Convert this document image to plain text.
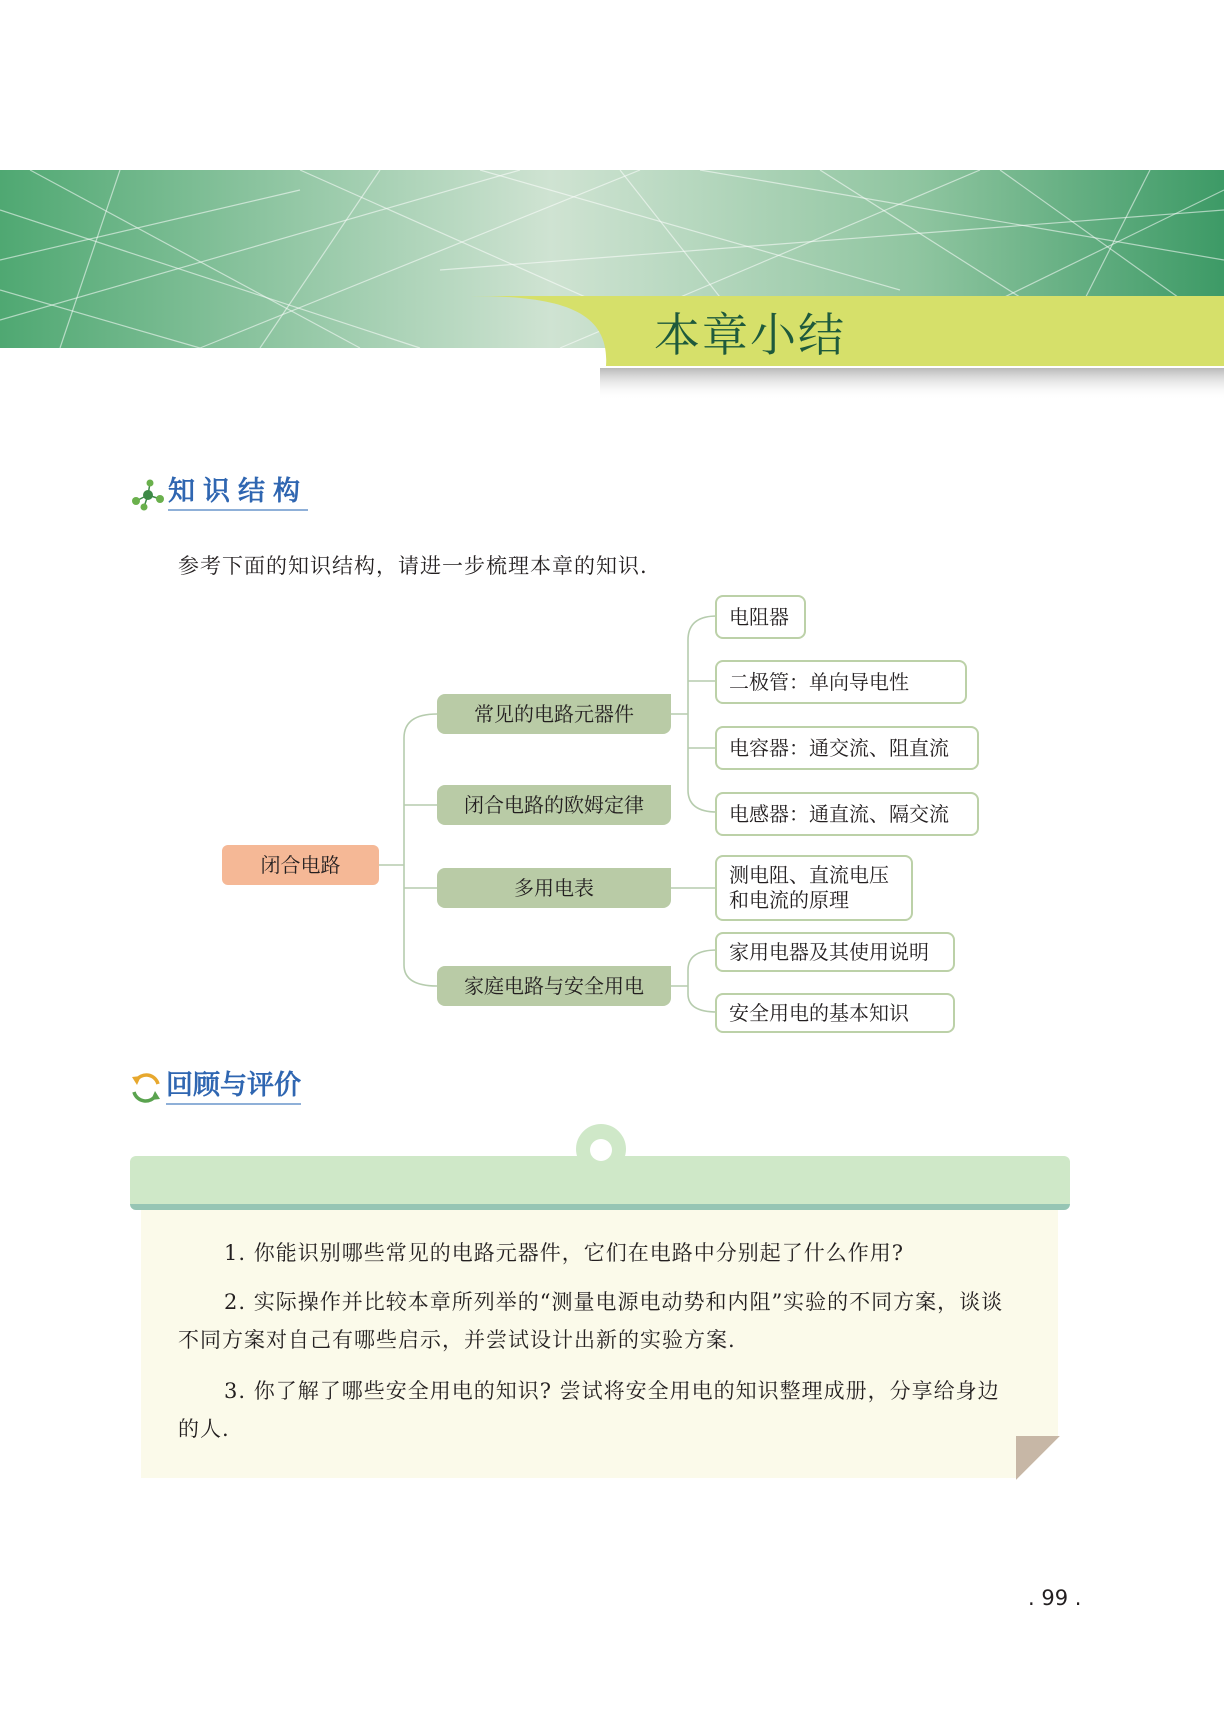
本章小结
知识结构
参考下面的知识结构，请进一步梳理本章的知识.
闭合电路
常见的电路元器件
闭合电路的欧姆定律
多用电表
家庭电路与安全用电
电阻器
二极管：单向导电性
电容器：通交流、阻直流
电感器：通直流、隔交流
测电阻、直流电压
和电流的原理
家用电器及其使用说明
安全用电的基本知识
回顾与评价

1. 你能识别哪些常见的电路元器件，它们在电路中分别起了什么作用?

2. 实际操作并比较本章所列举的“测量电源电动势和内阻”实验的不同方案，谈谈不同方案对自己有哪些启示，并尝试设计出新的实验方案.

3. 你了解了哪些安全用电的知识? 尝试将安全用电的知识整理成册，分享给身边的人.

. 99 .
